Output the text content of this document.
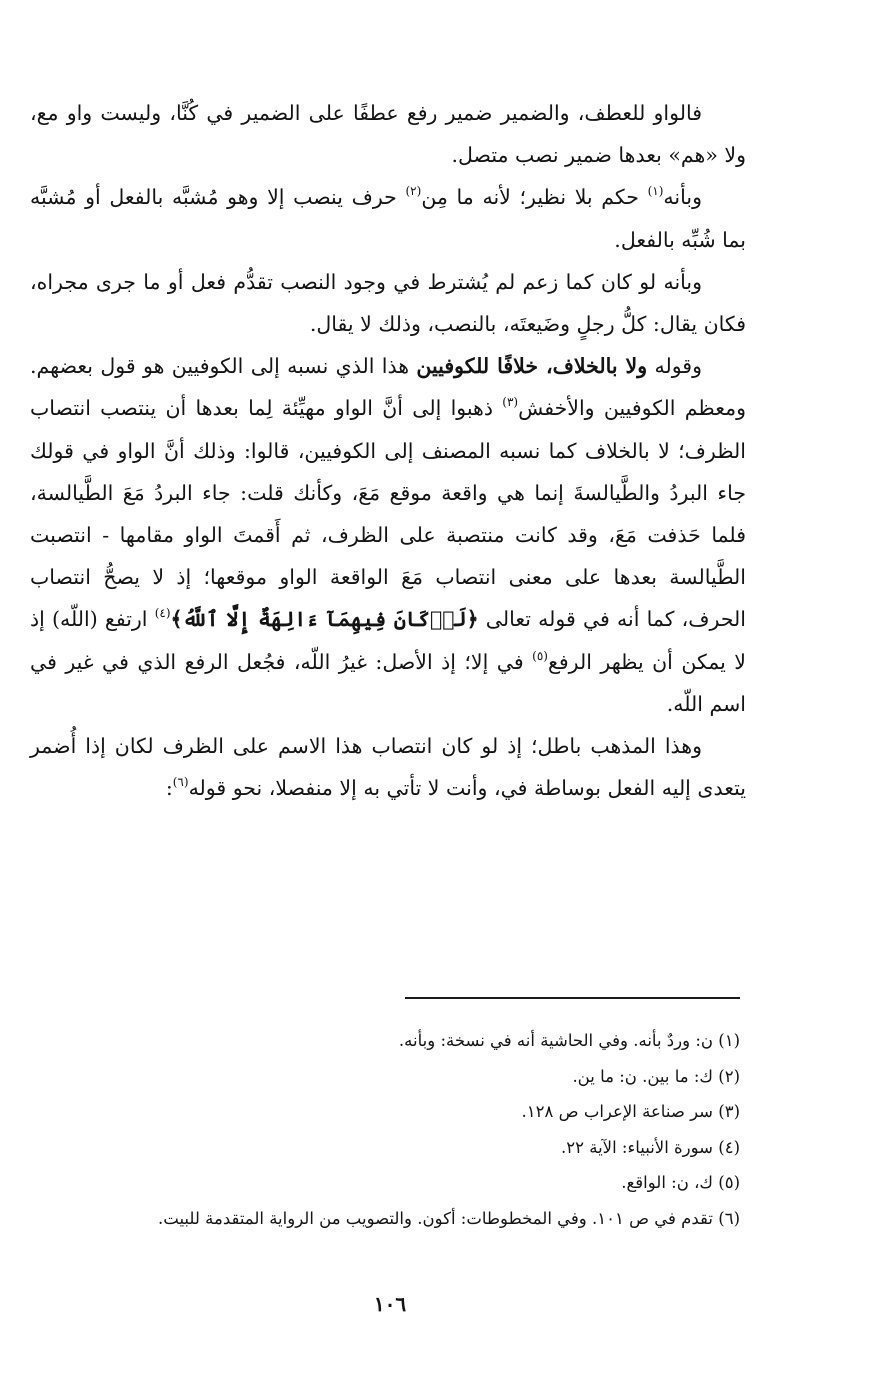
فالواو للعطف، والضمير ضمير رفع عطفًا على الضمير في كُنَّا، وليست واو مع، ولا «هم» بعدها ضمير نصب متصل.

وبأنه$^{(١)}$ حكم بلا نظير؛ لأنه ما مِن$^{(٢)}$ حرف ينصب إلا وهو مُشبَّه بالفعل أو مُشبَّه بما شُبِّه بالفعل.

وبأنه لو كان كما زعم لم يُشترط في وجود النصب تقدُّم فعل أو ما جرى مجراه، فكان يقال: كلُّ رجلٍ وضَيعتَه، بالنصب، وذلك لا يقال.

وقوله ولا بالخلاف، خلافًا للكوفيين هذا الذي نسبه إلى الكوفيين هو قول بعضهم. ومعظم الكوفيين والأخفش$^{(٣)}$ ذهبوا إلى أنَّ الواو مهيِّئة لِما بعدها أن ينتصب انتصاب الظرف؛ لا بالخلاف كما نسبه المصنف إلى الكوفيين، قالوا: وذلك أنَّ الواو في قولك جاء البردُ والطَّيالسةَ إنما هي واقعة موقع مَعَ، وكأنك قلت: جاء البردُ مَعَ الطَّيالسة، فلما حَذفت مَعَ، وقد كانت منتصبة على الظرف، ثم أَقمتَ الواو مقامها - انتصبت الطَّيالسة بعدها على معنى انتصاب مَعَ الواقعة الواو موقعها؛ إذ لا يصحُّ انتصاب الحرف، كما أنه في قوله تعالى ﴿لَوۡكَانَ فِيهِمَآ ءَالِهَةٌ إِلَّا ٱللَّهُ﴾$^{(٤)}$ ارتفع (اللّه) إذ لا يمكن أن يظهر الرفع$^{(٥)}$ في إلا؛ إذ الأصل: غيرُ اللّه، فجُعل الرفع الذي في غير في اسم اللّه.

وهذا المذهب باطل؛ إذ لو كان انتصاب هذا الاسم على الظرف لكان إذا أُضمر يتعدى إليه الفعل بوساطة في، وأنت لا تأتي به إلا منفصلا، نحو قوله$^{(٦)}$:

(١) ن: وردٌ بأنه. وفي الحاشية أنه في نسخة: وبأنه.

(٢) ك: ما بين. ن: ما ين.

(٣) سر صناعة الإعراب ص ١٢٨.

(٤) سورة الأنبياء: الآية ٢٢.

(٥) ك، ن: الواقع.

(٦) تقدم في ص ١٠١. وفي المخطوطات: أكون. والتصويب من الرواية المتقدمة للبيت.

١٠٦
